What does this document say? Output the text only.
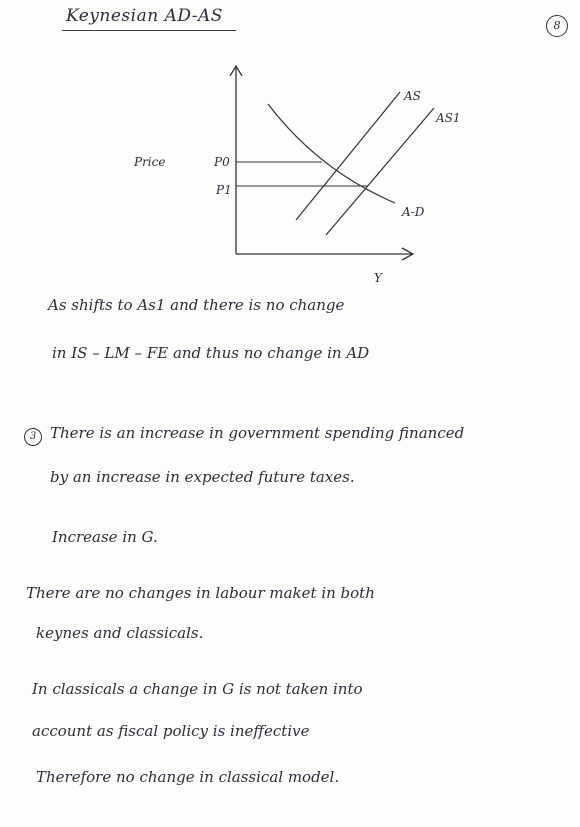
Keynesian AD-AS	8
Price	P0
P1
AS
AS1
A-D
Y
As shifts to As1 and there is no change
in IS – LM – FE and thus no change in AD
3 There is an increase in government spending financed
by an increase in expected future taxes.
Increase in G.
There are no changes in labour maket in both
keynes and classicals.
In classicals a change in G is not taken into
account as fiscal policy is ineffective
Therefore no change in classical model.
